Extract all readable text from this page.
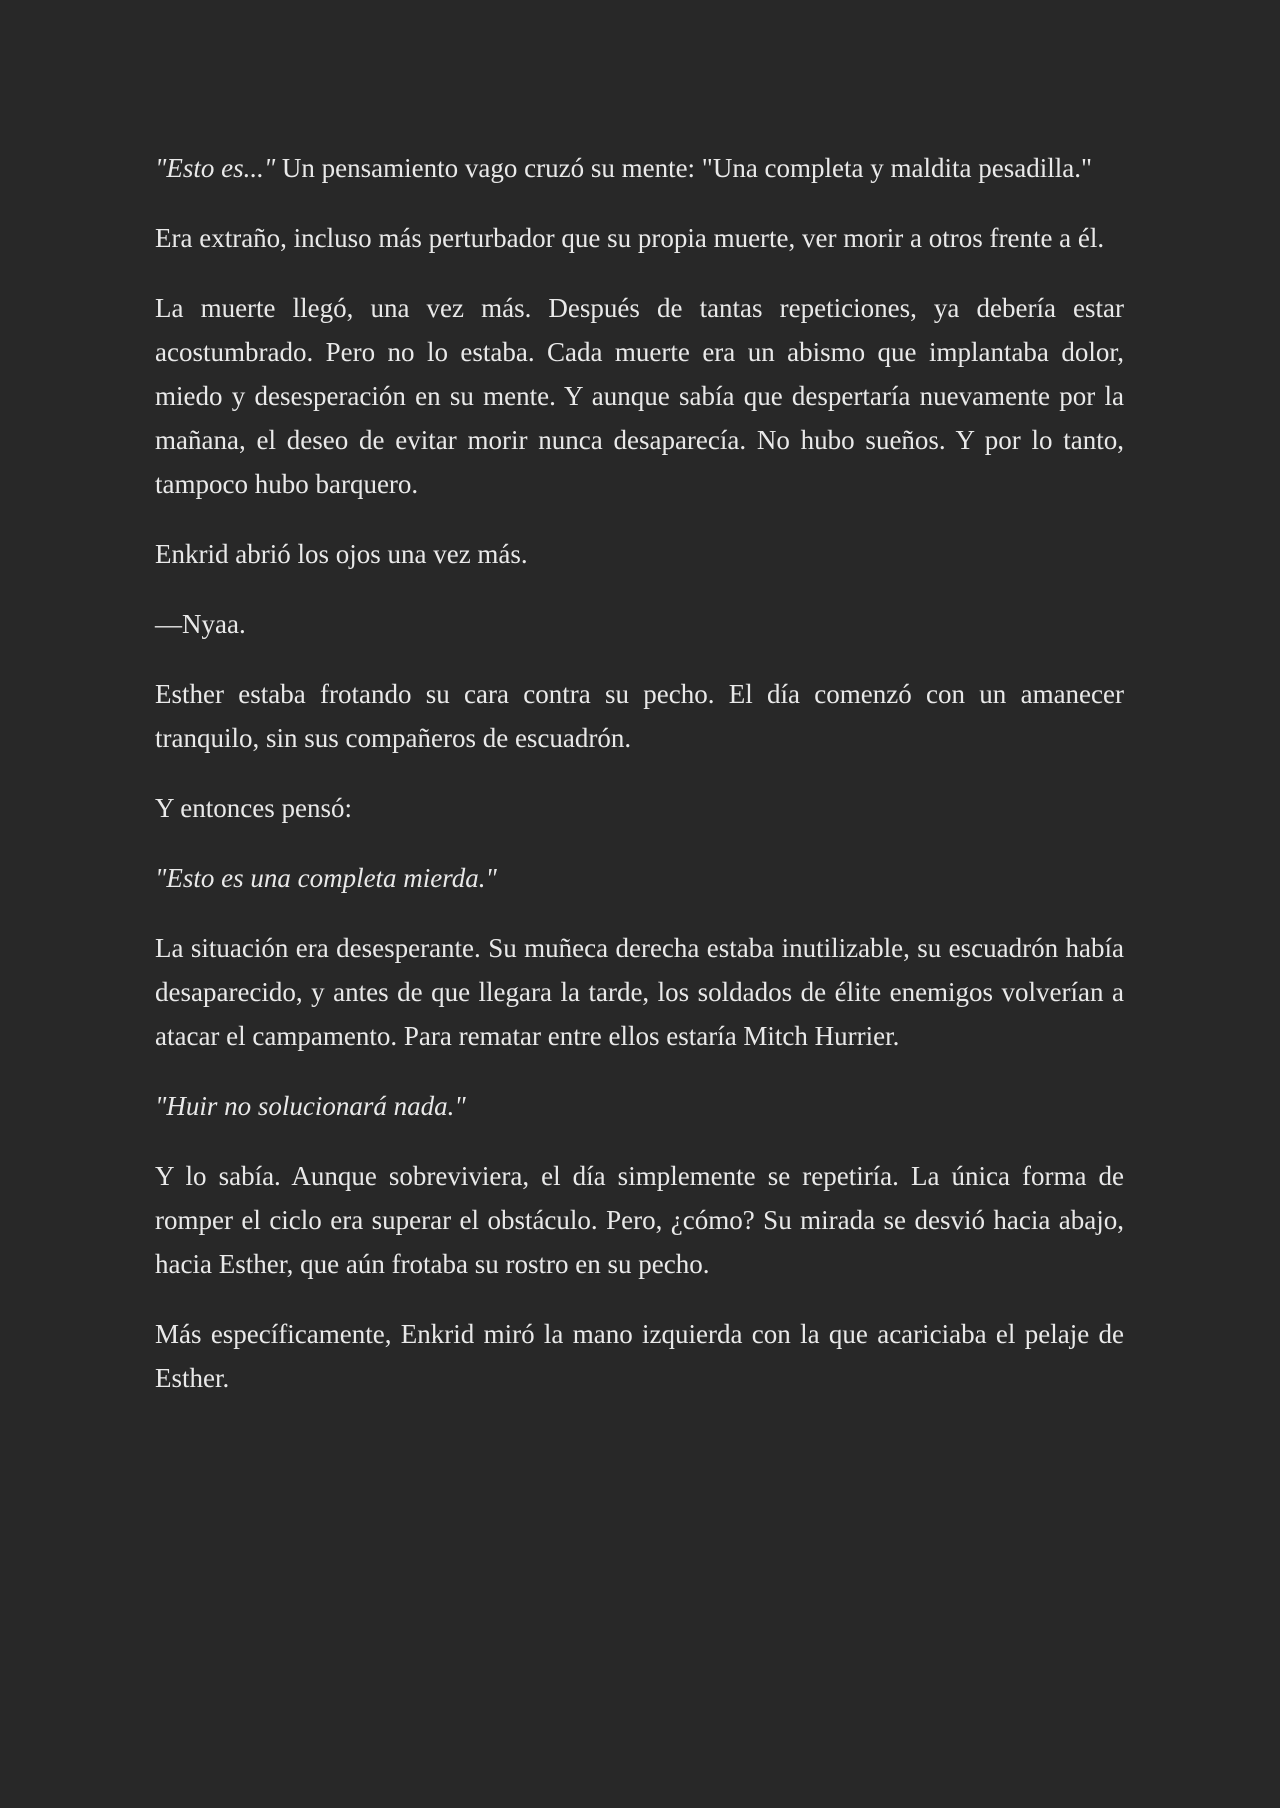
"Esto es..." Un pensamiento vago cruzó su mente: "Una completa y maldita pesadilla."

Era extraño, incluso más perturbador que su propia muerte, ver morir a otros frente a él.

La muerte llegó, una vez más. Después de tantas repeticiones, ya debería estar acostumbrado. Pero no lo estaba. Cada muerte era un abismo que implantaba dolor, miedo y desesperación en su mente. Y aunque sabía que despertaría nuevamente por la mañana, el deseo de evitar morir nunca desaparecía. No hubo sueños. Y por lo tanto, tampoco hubo barquero.

Enkrid abrió los ojos una vez más.

—Nyaa.

Esther estaba frotando su cara contra su pecho. El día comenzó con un amanecer tranquilo, sin sus compañeros de escuadrón.

Y entonces pensó:

"Esto es una completa mierda."

La situación era desesperante. Su muñeca derecha estaba inutilizable, su escuadrón había desaparecido, y antes de que llegara la tarde, los soldados de élite enemigos volverían a atacar el campamento. Para rematar entre ellos estaría Mitch Hurrier.

"Huir no solucionará nada."

Y lo sabía. Aunque sobreviviera, el día simplemente se repetiría. La única forma de romper el ciclo era superar el obstáculo. Pero, ¿cómo? Su mirada se desvió hacia abajo, hacia Esther, que aún frotaba su rostro en su pecho.

Más específicamente, Enkrid miró la mano izquierda con la que acariciaba el pelaje de Esther.
